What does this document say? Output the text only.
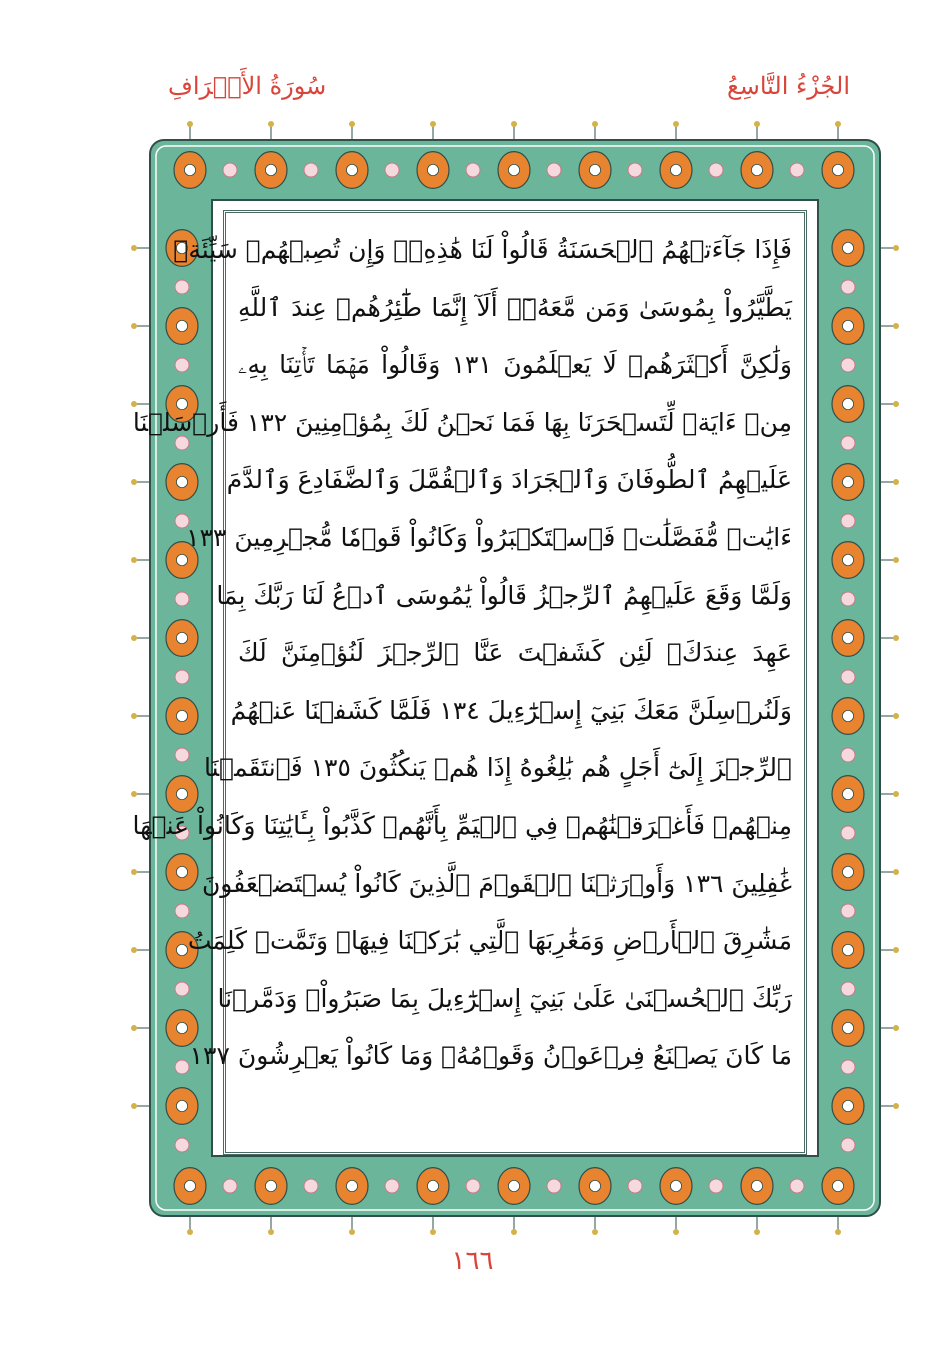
سُورَةُ الأَعۡرَافِ	الجُزْءُ التَّاسِعُ
فَإِذَا جَآءَتۡهُمُ ٱلۡحَسَنَةُ قَالُواْ لَنَا هَٰذِهِۦۖ وَإِن تُصِبۡهُمۡ سَيِّئَةٞ
يَطَّيَّرُواْ بِمُوسَىٰ وَمَن مَّعَهُۥٓۗ أَلَآ إِنَّمَا طَٰٓئِرُهُمۡ عِندَ ٱللَّهِ
وَلَٰكِنَّ أَكۡثَرَهُمۡ لَا يَعۡلَمُونَ ١٣١ وَقَالُواْ مَهۡمَا تَأۡتِنَا بِهِۦ
مِنۡ ءَايَةٖ لِّتَسۡحَرَنَا بِهَا فَمَا نَحۡنُ لَكَ بِمُؤۡمِنِينَ ١٣٢ فَأَرۡسَلۡنَا
عَلَيۡهِمُ ٱلطُّوفَانَ وَٱلۡجَرَادَ وَٱلۡقُمَّلَ وَٱلضَّفَادِعَ وَٱلدَّمَ
ءَايَٰتٖ مُّفَصَّلَٰتٖ فَٱسۡتَكۡبَرُواْ وَكَانُواْ قَوۡمٗا مُّجۡرِمِينَ ١٣٣
وَلَمَّا وَقَعَ عَلَيۡهِمُ ٱلرِّجۡزُ قَالُواْ يَٰمُوسَى ٱدۡعُ لَنَا رَبَّكَ بِمَا
عَهِدَ عِندَكَۖ لَئِن كَشَفۡتَ عَنَّا ٱلرِّجۡزَ لَنُؤۡمِنَنَّ لَكَ
وَلَنُرۡسِلَنَّ مَعَكَ بَنِيٓ إِسۡرَٰٓءِيلَ ١٣٤ فَلَمَّا كَشَفۡنَا عَنۡهُمُ
ٱلرِّجۡزَ إِلَىٰٓ أَجَلٍ هُم بَٰلِغُوهُ إِذَا هُمۡ يَنكُثُونَ ١٣٥ فَٱنتَقَمۡنَا
مِنۡهُمۡ فَأَغۡرَقۡنَٰهُمۡ فِي ٱلۡيَمِّ بِأَنَّهُمۡ كَذَّبُواْ بِـَٔايَٰتِنَا وَكَانُواْ عَنۡهَا
غَٰفِلِينَ ١٣٦ وَأَوۡرَثۡنَا ٱلۡقَوۡمَ ٱلَّذِينَ كَانُواْ يُسۡتَضۡعَفُونَ
مَشَٰرِقَ ٱلۡأَرۡضِ وَمَغَٰرِبَهَا ٱلَّتِي بَٰرَكۡنَا فِيهَاۖ وَتَمَّتۡ كَلِمَتُ
رَبِّكَ ٱلۡحُسۡنَىٰ عَلَىٰ بَنِيٓ إِسۡرَٰٓءِيلَ بِمَا صَبَرُواْۖ وَدَمَّرۡنَا
مَا كَانَ يَصۡنَعُ فِرۡعَوۡنُ وَقَوۡمُهُۥ وَمَا كَانُواْ يَعۡرِشُونَ ١٣٧
١٦٦
